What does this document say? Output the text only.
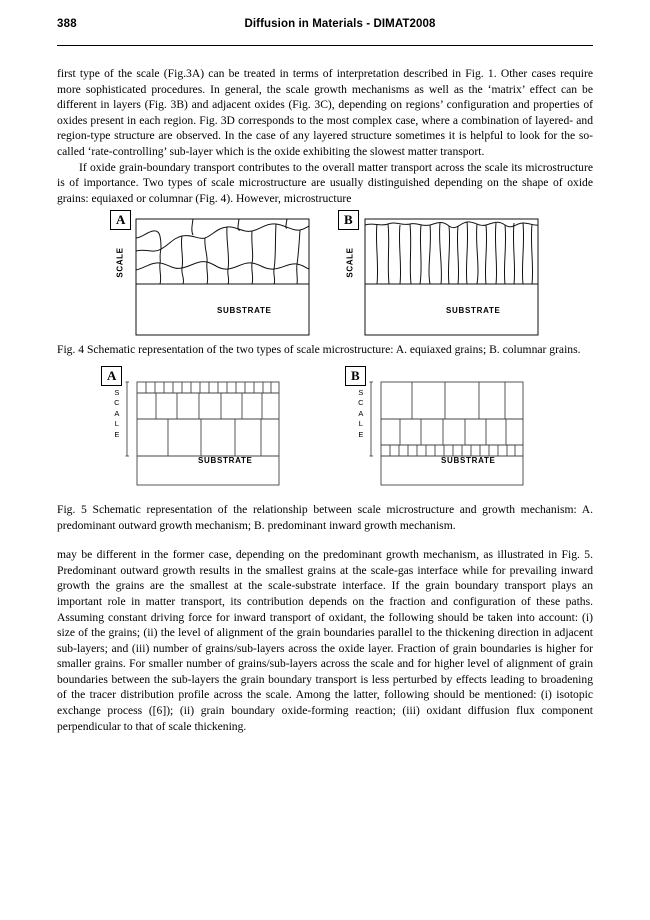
388	Diffusion in Materials - DIMAT2008

first type of the scale (Fig.3A) can be treated in terms of interpretation described in Fig. 1. Other cases require more sophisticated procedures. In general, the scale growth mechanisms as well as the ‘matrix’ effect can be different in layers (Fig. 3B) and adjacent oxides (Fig. 3C), depending on regions’ configuration and properties of oxides present in each region. Fig. 3D corresponds to the most complex case, where a combination of layered- and region-type structure are observed. In the case of any layered structure sometimes it is helpful to look for the so-called ‘rate-controlling’ sub-layer which is the oxide exhibiting the slowest matter transport.

If oxide grain-boundary transport contributes to the overall matter transport across the scale its microstructure is of importance. Two types of scale microstructure are usually distinguished depending on the shape of oxide grains: equiaxed or columnar (Fig. 4). However, microstructure

A
SCALE
SUBSTRATE
B
SCALE
SUBSTRATE

Fig. 4 Schematic representation of the two types of scale microstructure: A. equiaxed grains; B. columnar grains.

A
S
C
A
L
E
SUBSTRATE
B
S
C
A
L
E
SUBSTRATE

Fig. 5 Schematic representation of the relationship between scale microstructure and growth mechanism: A. predominant outward growth mechanism; B. predominant inward growth mechanism.

may be different in the former case, depending on the predominant growth mechanism, as illustrated in Fig. 5. Predominant outward growth results in the smallest grains at the scale-gas interface while for prevailing inward growth the grains are the smallest at the scale-substrate interface. If the grain boundary transport plays an important role in matter transport, its contribution depends on the fraction and configuration of these paths. Assuming constant driving force for inward transport of oxidant, the following should be taken into account: (i) size of the grains; (ii) the level of alignment of the grain boundaries parallel to the thickening direction in adjacent sub-layers; and (iii) number of grains/sub-layers across the oxide layer. Fraction of grain boundaries is higher for smaller grains. For smaller number of grains/sub-layers across the scale and for higher level of alignment of grain boundaries between the sub-layers the grain boundary transport is less perturbed by effects leading to broadening of the tracer distribution profile across the scale. Among the latter, following should be mentioned: (i) isotopic exchange process ([6]); (ii) grain boundary oxide-forming reaction; (iii) oxidant diffusion flux component perpendicular to that of scale thickening.
